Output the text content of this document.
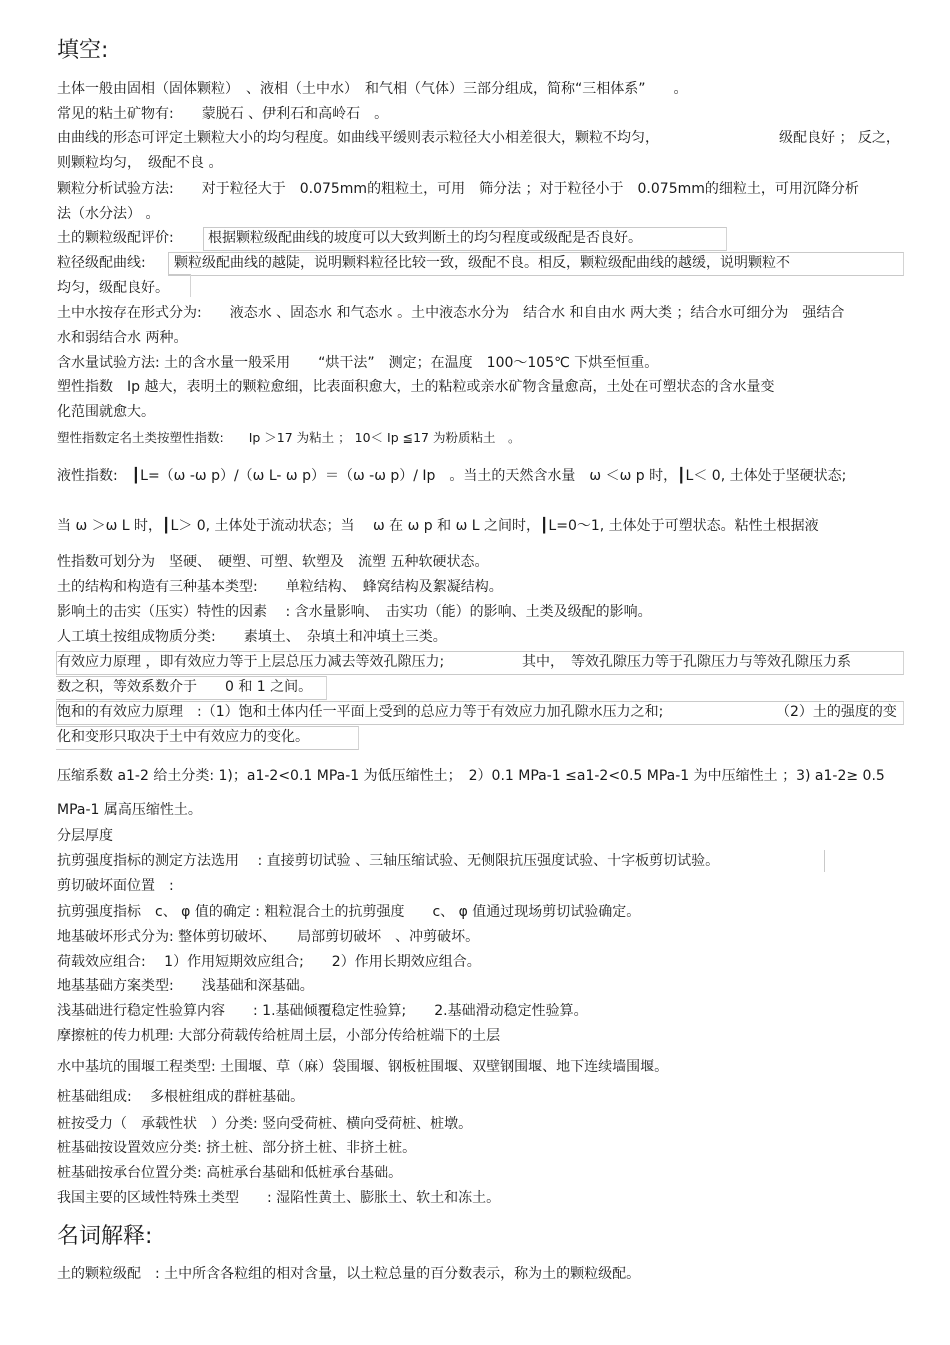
填空:
土体一般由固相（固体颗粒）　、液相（土中水）　和气相（气体）三部分组成，简称“三相体系”　　。
常见的粘土矿物有:　　蒙脱石 、伊利石和高岭石　。
由曲线的形态可评定土颗粒大小的均匀程度。如曲线平缓则表示粒径大小相差很大，颗粒不均匀，	级配良好 ； 反之，
则颗粒均匀，　级配不良 。
颗粒分析试验方法:　　对于粒径大于　0.075mm的粗粒土，可用　筛分法 ；对于粒径小于　0.075mm的细粒土，可用沉降分析
法（水分法） 。
土的颗粒级配评价: 根据颗粒级配曲线的坡度可以大致判断土的均匀程度或级配是否良好。
粒径级配曲线: 颗粒级配曲线的越陡，说明颗料粒径比较一致，级配不良。相反，颗粒级配曲线的越缓，说明颗粒不
均匀，级配良好。
土中水按存在形式分为:　　液态水 、固态水 和气态水 。土中液态水分为　结合水 和自由水 两大类 ；结合水可细分为　强结合
水和弱结合水 两种。
含水量试验方法: 土的含水量一般采用　　“烘干法”　测定；在温度　100～105℃ 下烘至恒重。
塑性指数　Ip 越大，表明土的颗粒愈细，比表面积愈大，土的粘粒或亲水矿物含量愈高，土处在可塑状态的含水量变
化范围就愈大。
塑性指数定名土类按塑性指数:　　Ip ＞17 为粘土 ； 10＜ Ip ≦17 为粉质粘土　。
液性指数:　┃L=（ω -ω p）/（ω L- ω p）＝（ω -ω p）/ Ip　。当土的天然含水量　ω ＜ω p 时，┃L＜ 0, 土体处于坚硬状态;
当 ω ＞ω L 时，┃L＞ 0, 土体处于流动状态；当　 ω 在 ω p 和 ω L 之间时，┃L=0～1, 土体处于可塑状态。粘性土根据液
性指数可划分为　坚硬、　硬塑、可塑、软塑及　流塑 五种软硬状态。
土的结构和构造有三种基本类型:　　单粒结构、　蜂窝结构及絮凝结构。
影响土的击实（压实）特性的因素　 : 含水量影响、　击实功（能）的影响、土类及级配的影响。
人工填土按组成物质分类:　　素填土、　杂填土和冲填土三类。
有效应力原理 ，即有效应力等于上层总压力减去等效孔隙压力;	其中，　等效孔隙压力等于孔隙压力与等效孔隙压力系
数之积，等效系数介于　　0 和 1 之间。
饱和的有效应力原理　:（1）饱和土体内任一平面上受到的总应力等于有效应力加孔隙水压力之和;	（2）土的强度的变
化和变形只取决于土中有效应力的变化。
压缩系数 a1-2 给土分类: 1)；a1-2<0.1 MPa-1 为低压缩性土；　2）0.1 MPa-1 ≤a1-2<0.5 MPa-1 为中压缩性土 ；3) a1-2≥ 0.5
MPa-1 属高压缩性土。
分层厚度
抗剪强度指标的测定方法选用　 : 直接剪切试验 、三轴压缩试验、无侧限抗压强度试验、十字板剪切试验。
剪切破坏面位置　:
抗剪强度指标　c、 φ 值的确定 : 粗粒混合土的抗剪强度　　c、 φ 值通过现场剪切试验确定。
地基破坏形式分为: 整体剪切破坏、　　局部剪切破坏　、冲剪破坏。
荷载效应组合:　 1）作用短期效应组合;　　2）作用长期效应组合。
地基基础方案类型:　　浅基础和深基础。
浅基础进行稳定性验算内容　　: 1.基础倾覆稳定性验算;　　2.基础滑动稳定性验算。
摩擦桩的传力机理: 大部分荷载传给桩周土层，小部分传给桩端下的土层
水中基坑的围堰工程类型: 土围堰、草（麻）袋围堰、钢板桩围堰、双壁钢围堰、地下连续墙围堰。
桩基础组成:　 多根桩组成的群桩基础。
桩按受力（　承载性状　）分类: 竖向受荷桩、横向受荷桩、桩墩。
桩基础按设置效应分类: 挤土桩、部分挤土桩、非挤土桩。
桩基础按承台位置分类: 高桩承台基础和低桩承台基础。
我国主要的区域性特殊土类型　　: 湿陷性黄土、膨胀土、软土和冻土。
名词解释:
土的颗粒级配　: 土中所含各粒组的相对含量，以土粒总量的百分数表示，称为土的颗粒级配。
